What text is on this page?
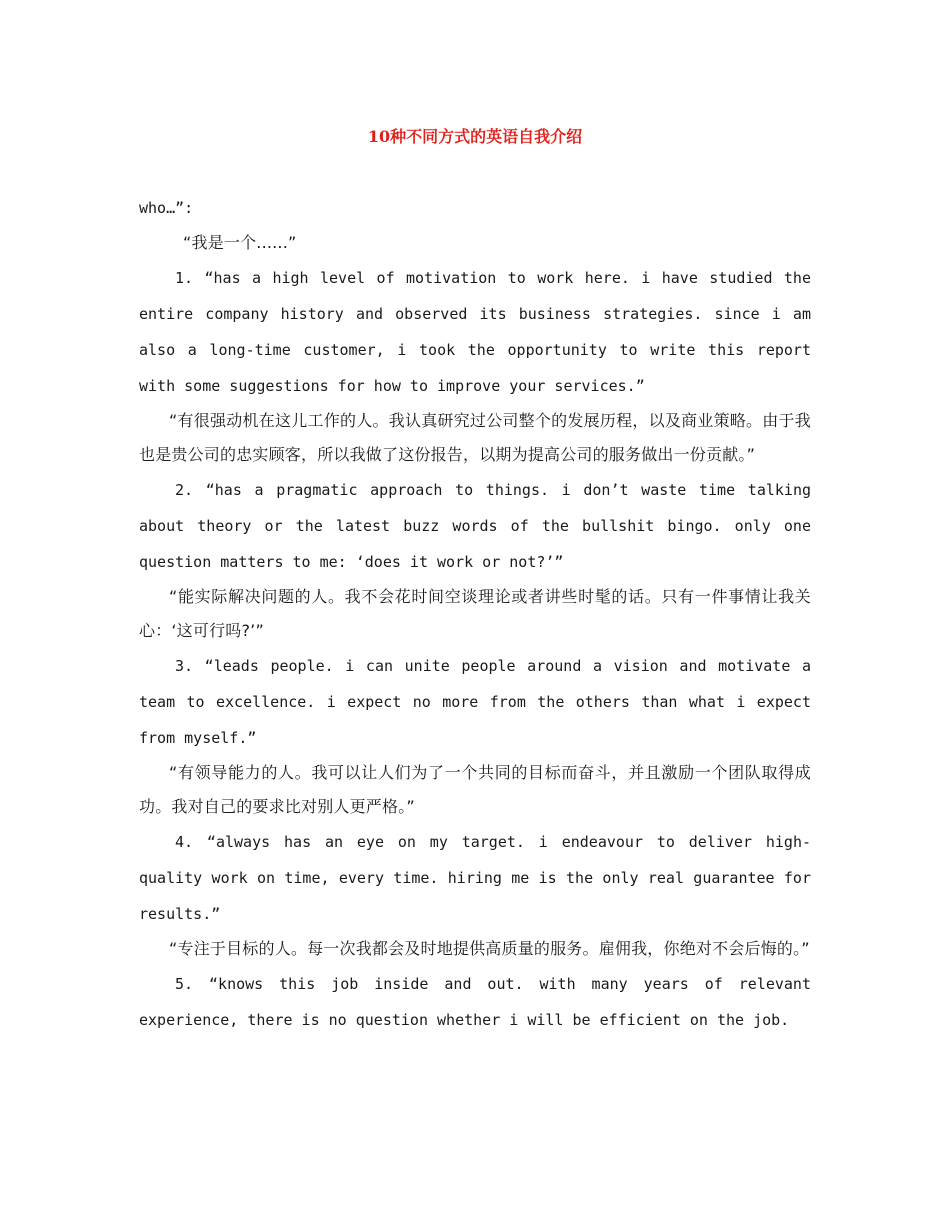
10种不同方式的英语自我介绍

who…”:

“我是一个......”

1. “has a high level of motivation to work here. i have studied the entire company history and observed its business strategies. since i am also a long-time customer, i took the opportunity to write this report with some suggestions for how to improve your services.”

“有很强动机在这儿工作的人。我认真研究过公司整个的发展历程，以及商业策略。由于我也是贵公司的忠实顾客，所以我做了这份报告，以期为提高公司的服务做出一份贡献。”

2. “has a pragmatic approach to things. i don’t waste time talking about theory or the latest buzz words of the bullshit bingo. only one question matters to me: ‘does it work or not?’”

“能实际解决问题的人。我不会花时间空谈理论或者讲些时髦的话。只有一件事情让我关心：‘这可行吗?’”

3. “leads people. i can unite people around a vision and motivate a team to excellence. i expect no more from the others than what i expect from myself.”

“有领导能力的人。我可以让人们为了一个共同的目标而奋斗，并且激励一个团队取得成功。我对自己的要求比对别人更严格。”

4. “always has an eye on my target. i endeavour to deliver high-quality work on time, every time. hiring me is the only real guarantee for results.”

“专注于目标的人。每一次我都会及时地提供高质量的服务。雇佣我，你绝对不会后悔的。”

5. “knows this job inside and out. with many years of relevant experience, there is no question whether i will be efficient on the job.
